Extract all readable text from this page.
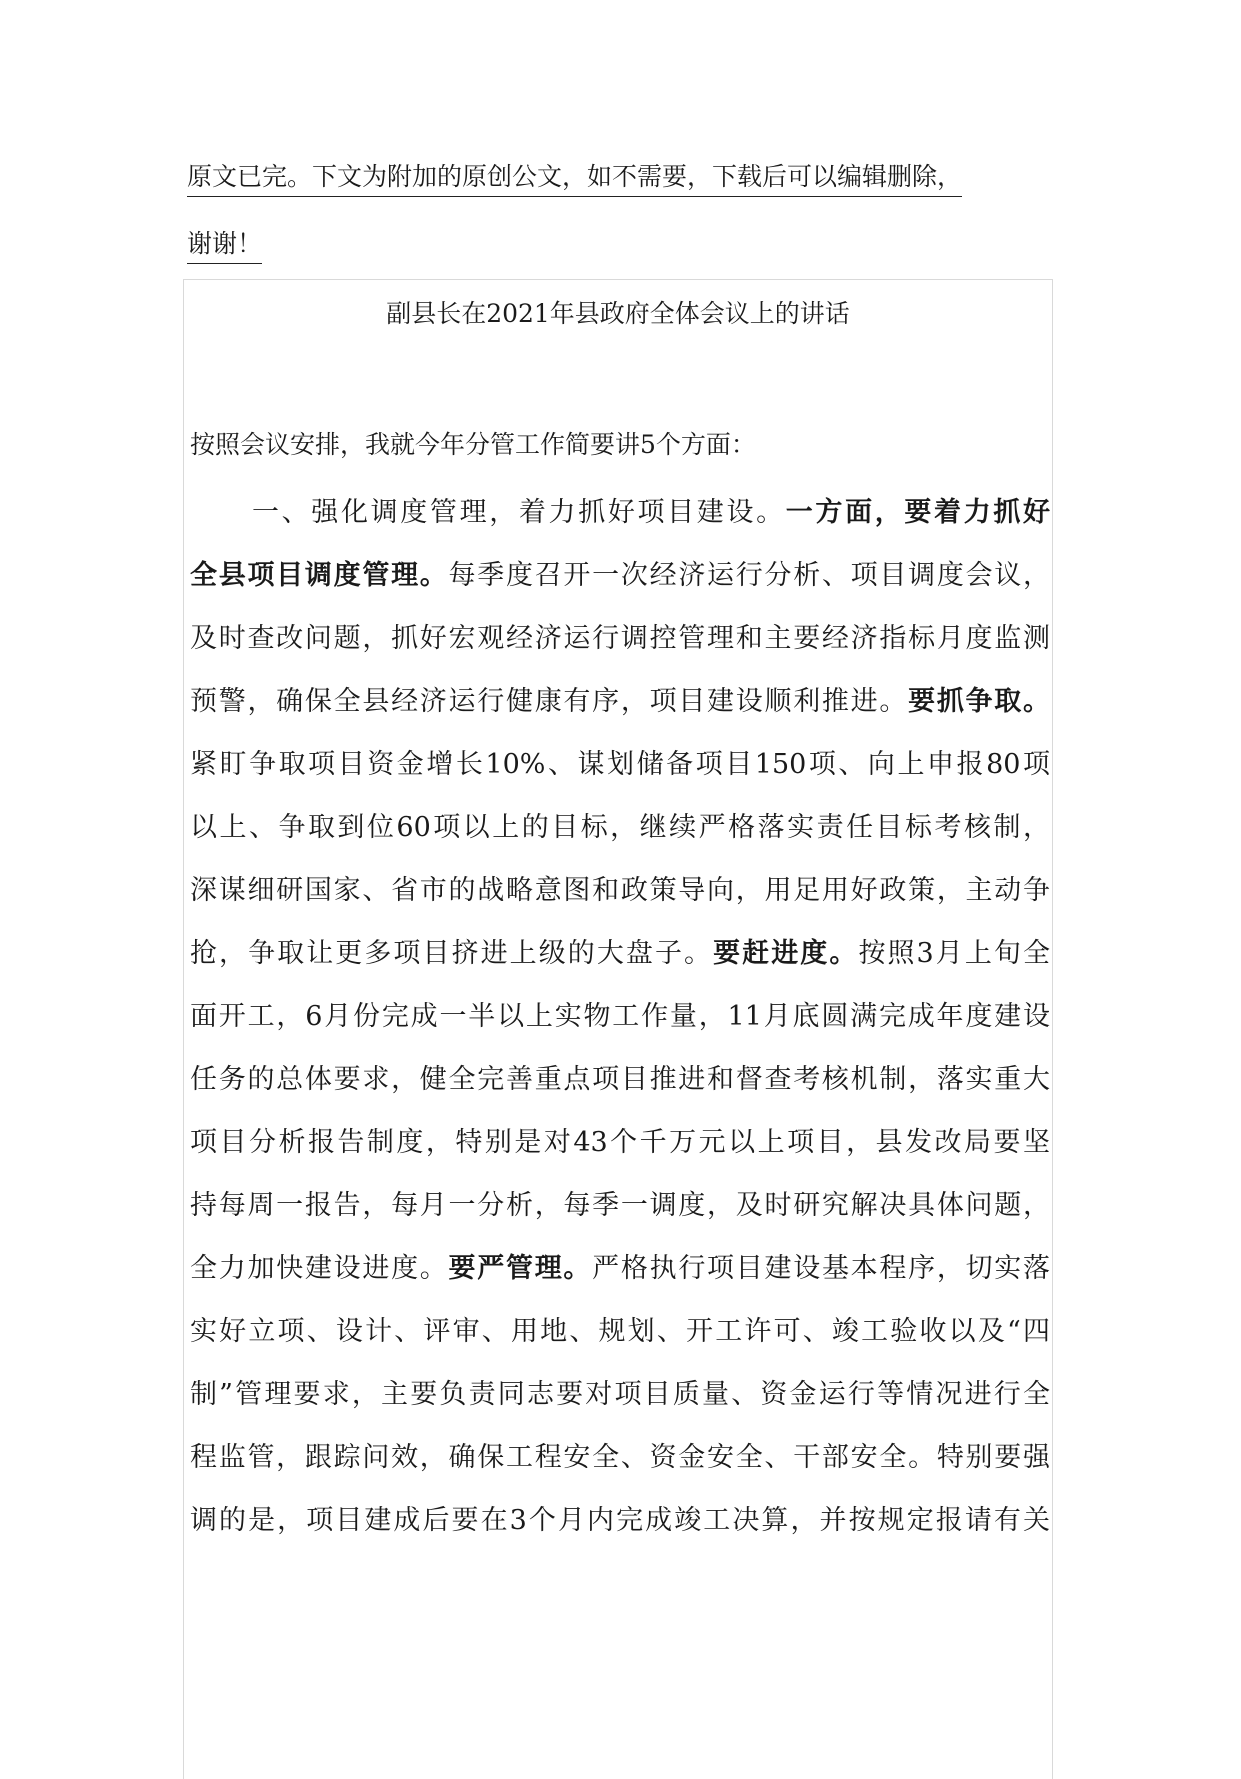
原文已完。下文为附加的原创公文，如不需要，下载后可以编辑删除，
谢谢！
副县长在2021年县政府全体会议上的讲话
按照会议安排，我就今年分管工作简要讲5个方面：
一、强化调度管理，着力抓好项目建设。一方面，要着力抓好
全县项目调度管理。每季度召开一次经济运行分析、项目调度会议，
及时查改问题，抓好宏观经济运行调控管理和主要经济指标月度监测
预警，确保全县经济运行健康有序，项目建设顺利推进。要抓争取。
紧盯争取项目资金增长10%、谋划储备项目150项、向上申报80项
以上、争取到位60项以上的目标，继续严格落实责任目标考核制，
深谋细研国家、省市的战略意图和政策导向，用足用好政策，主动争
抢，争取让更多项目挤进上级的大盘子。要赶进度。按照3月上旬全
面开工，6月份完成一半以上实物工作量，11月底圆满完成年度建设
任务的总体要求，健全完善重点项目推进和督查考核机制，落实重大
项目分析报告制度，特别是对43个千万元以上项目，县发改局要坚
持每周一报告，每月一分析，每季一调度，及时研究解决具体问题，
全力加快建设进度。要严管理。严格执行项目建设基本程序，切实落
实好立项、设计、评审、用地、规划、开工许可、竣工验收以及“四
制”管理要求，主要负责同志要对项目质量、资金运行等情况进行全
程监管，跟踪问效，确保工程安全、资金安全、干部安全。特别要强
调的是，项目建成后要在3个月内完成竣工决算，并按规定报请有关
